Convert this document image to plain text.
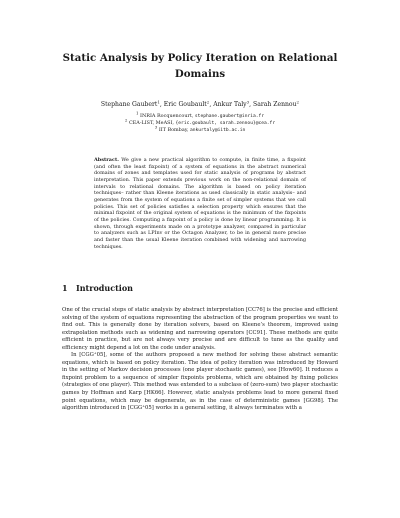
Static Analysis by Policy Iteration on Relational Domains
Stephane Gaubert$^1$, Eric Goubault$^2$, Ankur Taly$^3$, Sarah Zennou$^2$
$^1$ INRIA Rocquencourt, stephane.gaubert@inria.fr
$^2$ CEA-LIST, MeASI, {eric.goubault, sarah.zennou}@cea.fr
$^3$ IIT Bombay, ankurtaly@iitb.ac.in
Abstract. We give a new practical algorithm to compute, in finite time, a fixpoint (and often the least fixpoint) of a system of equations in the abstract numerical domains of zones and templates used for static analysis of programs by abstract interpretation. This paper extends previous work on the non-relational domain of intervals to relational domains. The algorithm is based on policy iteration techniques– rather than Kleene iterations as used classically in static analysis– and generates from the system of equations a finite set of simpler systems that we call policies. This set of policies satisfies a selection property which ensures that the minimal fixpoint of the original system of equations is the minimum of the fixpoints of the policies. Computing a fixpoint of a policy is done by linear programming. It is shown, through experiments made on a prototype analyzer, compared in particular to analyzers such as LPInv or the Octagon Analyzer, to be in general more precise and faster than the usual Kleene iteration combined with widening and narrowing techniques.
1 Introduction

One of the crucial steps of static analysis by abstract interpretation [CC76] is the precise and efficient solving of the system of equations representing the abstraction of the program properties we want to find out. This is generally done by iteration solvers, based on Kleene’s theorem, improved using extrapolation methods such as widening and narrowing operators [CC91]. These methods are quite efficient in practice, but are not always very precise and are difficult to tune as the quality and efficiency might depend a lot on the code under analysis.

In [CGG⁺05], some of the authors proposed a new method for solving these abstract semantic equations, which is based on policy iteration. The idea of policy iteration was introduced by Howard in the setting of Markov decision processes (one player stochastic games), see [How60]. It reduces a fixpoint problem to a sequence of simpler fixpoints problems, which are obtained by fixing policies (strategies of one player). This method was extended to a subclass of (zero-sum) two player stochastic games by Hoffman and Karp [HK66]. However, static analysis problems lead to more general fixed point equations, which may be degenerate, as in the case of deterministic games [GG98]. The algorithm introduced in [CGG⁺05] works in a general setting, it always terminates with a
